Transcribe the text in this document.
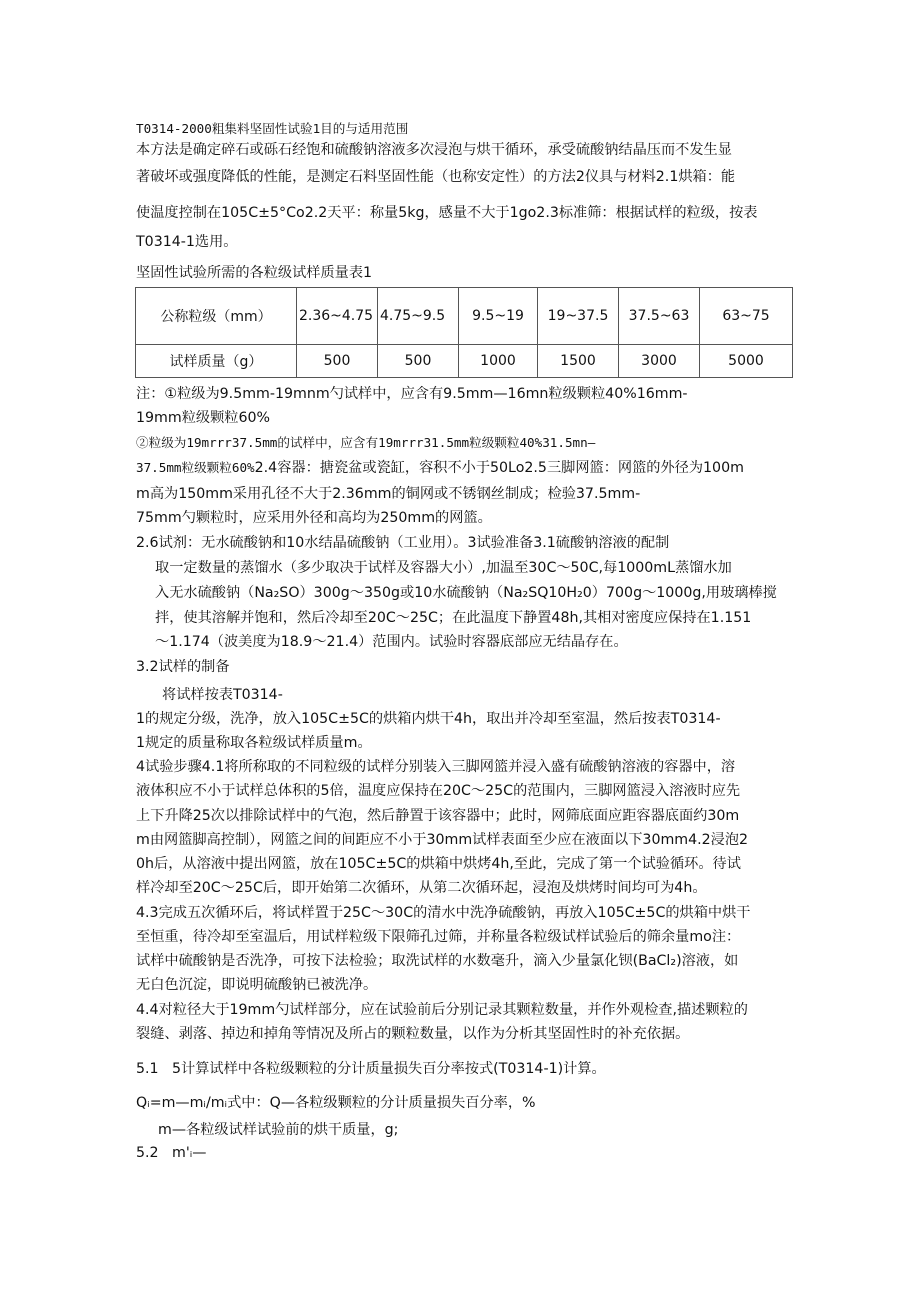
T0314-2000粗集料坚固性试验1目的与适用范围
本方法是确定碎石或砾石经饱和硫酸钠溶液多次浸泡与烘干循环，承受硫酸钠结晶压而不发生显
著破坏或强度降低的性能，是测定石料坚固性能（也称安定性）的方法2仪具与材料2.1烘箱：能
使温度控制在105C±5°Co2.2天平：称量5kg，感量不大于1go2.3标准筛：根据试样的粒级，按表
T0314-1选用。
坚固性试验所需的各粒级试样质量表1
公称粒级（mm）	2.36~4.75	4.75~9.5	9.5~19	19~37.5	37.5~63	63~75
试样质量（g）	500	500	1000	1500	3000	5000
注：①粒级为9.5mm-19mnm勺试样中，应含有9.5mm—16mn粒级颗粒40%16mm-
19mm粒级颗粒60%
②粒级为19mrrr37.5mm的试样中，应含有19mrrr31.5mm粒级颗粒40%31.5mn—
37.5mm粒级颗粒60%2.4容器：搪瓷盆或瓷缸，容积不小于50Lo2.5三脚网篮：网篮的外径为100m
m高为150mm采用孔径不大于2.36mm的铜网或不锈钢丝制成；检验37.5mm-
75mm勺颗粒时，应采用外径和高均为250mm的网篮。
2.6试剂：无水硫酸钠和10水结晶硫酸钠（工业用）。3试验准备3.1硫酸钠溶液的配制
取一定数量的蒸馏水（多少取决于试样及容器大小）,加温至30C～50C,每1000mL蒸馏水加
入无水硫酸钠（Na₂SO）300g～350g或10水硫酸钠（Na₂SQ10H₂0）700g～1000g,用玻璃棒搅
拌，使其溶解并饱和，然后冷却至20C～25C；在此温度下静置48h,其相对密度应保持在1.151
～1.174（波美度为18.9～21.4）范围内。试验时容器底部应无结晶存在。
3.2试样的制备
将试样按表T0314-
1的规定分级，洗净，放入105C±5C的烘箱内烘干4h，取出并冷却至室温，然后按表T0314-
1规定的质量称取各粒级试样质量m。
4试验步骤4.1将所称取的不同粒级的试样分别装入三脚网篮并浸入盛有硫酸钠溶液的容器中，溶
液体积应不小于试样总体积的5倍，温度应保持在20C～25C的范围内，三脚网篮浸入溶液时应先
上下升降25次以排除试样中的气泡，然后静置于该容器中；此时，网筛底面应距容器底面约30m
m由网篮脚高控制），网篮之间的间距应不小于30mm试样表面至少应在液面以下30mm4.2浸泡2
0h后，从溶液中提出网篮，放在105C±5C的烘箱中烘烤4h,至此，完成了第一个试验循环。待试
样冷却至20C～25C后，即开始第二次循环，从第二次循环起，浸泡及烘烤时间均可为4h。
4.3完成五次循环后，将试样置于25C～30C的清水中洗净硫酸钠，再放入105C±5C的烘箱中烘干
至恒重，待冷却至室温后，用试样粒级下限筛孔过筛，并称量各粒级试样试验后的筛余量mo注：
试样中硫酸钠是否洗净，可按下法检验；取洗试样的水数毫升，滴入少量氯化钡(BaCl₂)溶液，如
无白色沉淀，即说明硫酸钠已被洗净。
4.4对粒径大于19mm勺试样部分，应在试验前后分别记录其颗粒数量，并作外观检查,描述颗粒的
裂缝、剥落、掉边和掉角等情况及所占的颗粒数量，以作为分析其坚固性时的补充依据。
5.1 5计算试样中各粒级颗粒的分计质量损失百分率按式(T0314-1)计算。
Qᵢ=m—mᵢ/mᵢ式中：Q—各粒级颗粒的分计质量损失百分率，%
m—各粒级试样试验前的烘干质量，g;
5.2 m'ᵢ—
